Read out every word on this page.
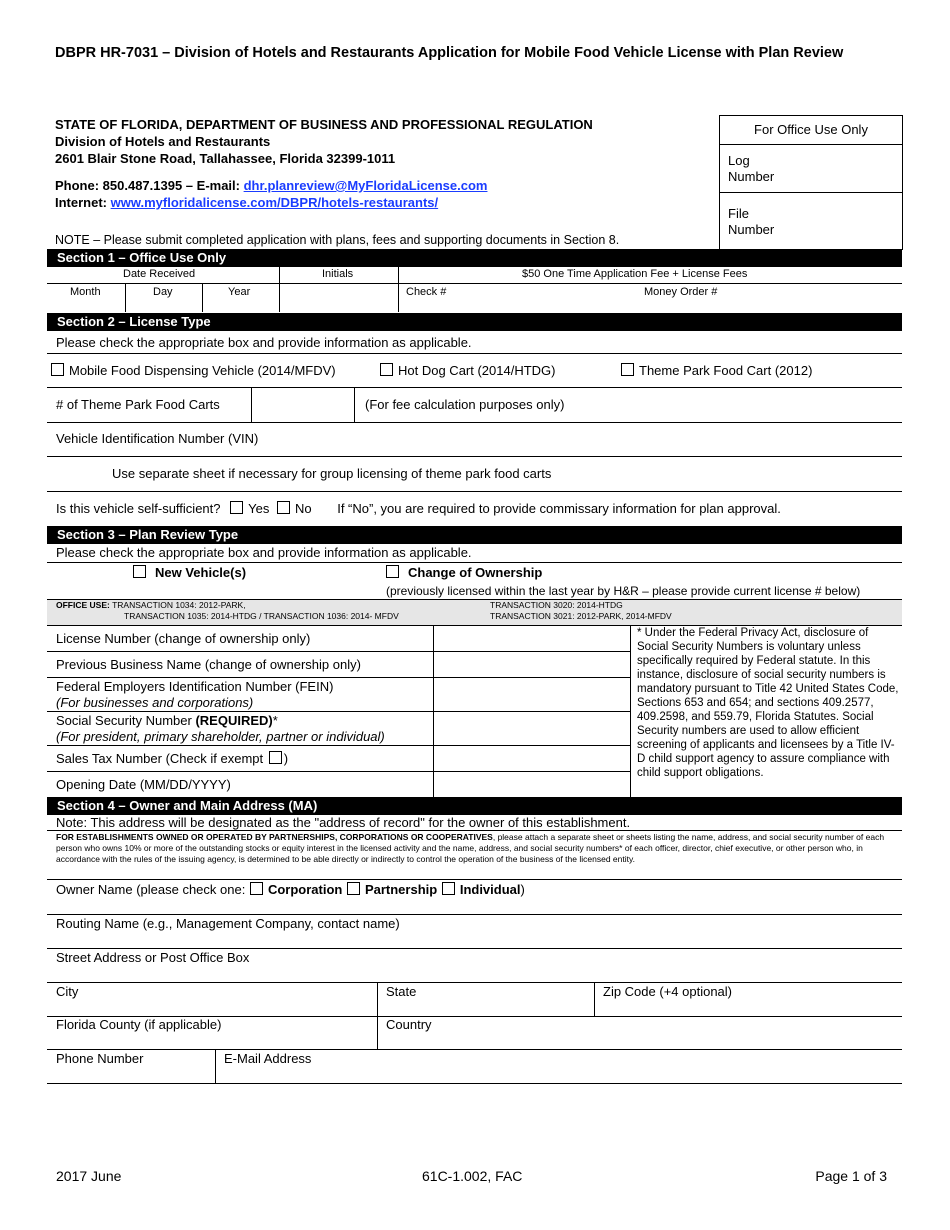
DBPR HR-7031 – Division of Hotels and Restaurants Application for Mobile Food Vehicle License with Plan Review
STATE OF FLORIDA, DEPARTMENT OF BUSINESS AND PROFESSIONAL REGULATION
Division of Hotels and Restaurants
2601 Blair Stone Road, Tallahassee, Florida 32399-1011
Phone: 850.487.1395 – E-mail: dhr.planreview@MyFloridaLicense.com
Internet: www.myfloridalicense.com/DBPR/hotels-restaurants/
For Office Use Only
Log
Number
File
Number
NOTE – Please submit completed application with plans, fees and supporting documents in Section 8.
Section 1 – Office Use Only
Date Received	Initials	$50 One Time Application Fee + License Fees
Month	Day	Year	Check #	Money Order #
Section 2 – License Type
Please check the appropriate box and provide information as applicable.
Mobile Food Dispensing Vehicle (2014/MFDV)	Hot Dog Cart (2014/HTDG)	Theme Park Food Cart (2012)
# of Theme Park Food Carts	(For fee calculation purposes only)
Vehicle Identification Number (VIN)
Use separate sheet if necessary for group licensing of theme park food carts
Is this vehicle self-sufficient? Yes No If “No”, you are required to provide commissary information for plan approval.
Section 3 – Plan Review Type
Please check the appropriate box and provide information as applicable.
New Vehicle(s)	Change of Ownership
(previously licensed within the last year by H&R – please provide current license # below)
OFFICE USE: TRANSACTION 1034: 2012-PARK,
TRANSACTION 1035: 2014-HTDG / TRANSACTION 1036: 2014- MFDV
TRANSACTION 3020: 2014-HTDG
TRANSACTION 3021: 2012-PARK, 2014-MFDV
License Number (change of ownership only)
Previous Business Name (change of ownership only)
Federal Employers Identification Number (FEIN)
(For businesses and corporations)
Social Security Number (REQUIRED)*
(For president, primary shareholder, partner or individual)
Sales Tax Number (Check if exempt )
Opening Date (MM/DD/YYYY)
* Under the Federal Privacy Act, disclosure of Social Security Numbers is voluntary unless specifically required by Federal statute. In this instance, disclosure of social security numbers is mandatory pursuant to Title 42 United States Code, Sections 653 and 654; and sections 409.2577, 409.2598, and 559.79, Florida Statutes. Social Security numbers are used to allow efficient screening of applicants and licensees by a Title IV-D child support agency to assure compliance with child support obligations.
Section 4 – Owner and Main Address (MA)
Note: This address will be designated as the "address of record" for the owner of this establishment.
FOR ESTABLISHMENTS OWNED OR OPERATED BY PARTNERSHIPS, CORPORATIONS OR COOPERATIVES, please attach a separate sheet or sheets listing the name, address, and social security number of each person who owns 10% or more of the outstanding stocks or equity interest in the licensed activity and the name, address, and social security numbers* of each officer, director, chief executive, or other person who, in accordance with the rules of the issuing agency, is determined to be able directly or indirectly to control the operation of the business of the licensed entity.
Owner Name (please check one: Corporation Partnership Individual)
Routing Name (e.g., Management Company, contact name)
Street Address or Post Office Box
City	State	Zip Code (+4 optional)
Florida County (if applicable)	Country
Phone Number	E-Mail Address
2017 June	61C-1.002, FAC	Page 1 of 3
